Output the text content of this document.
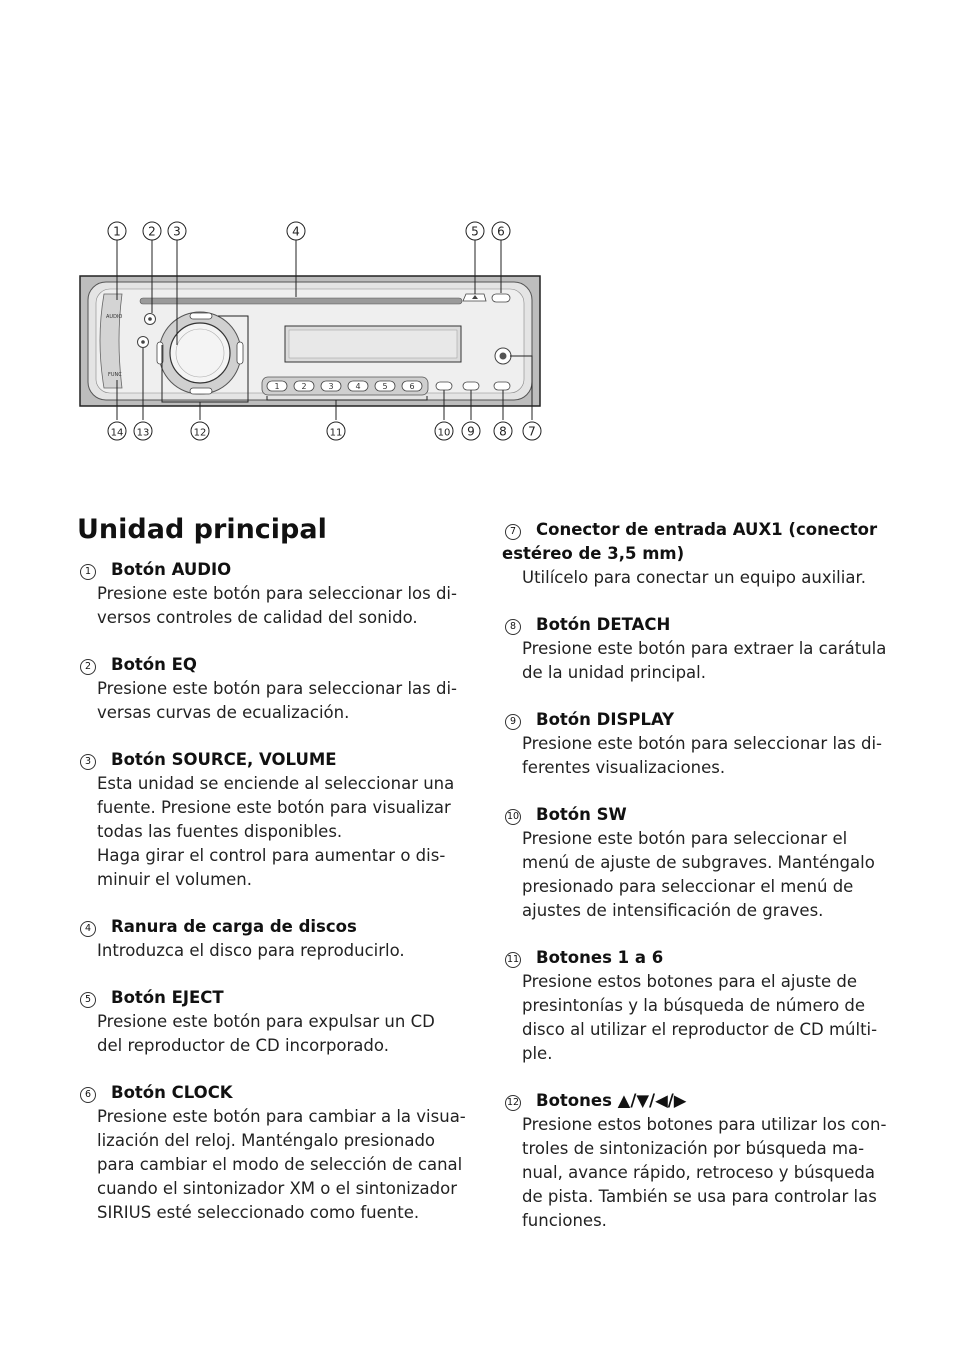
AUDIO
FUNC
1	2	3	4	5	6
1 2 3	4	5 6
14 13	12	11	10 9 8 7
Unidad principal
1 Botón AUDIO
Presione este botón para seleccionar los di-
versos controles de calidad del sonido.
2 Botón EQ
Presione este botón para seleccionar las di-
versas curvas de ecualización.
3 Botón SOURCE, VOLUME
Esta unidad se enciende al seleccionar una
fuente. Presione este botón para visualizar
todas las fuentes disponibles.
Haga girar el control para aumentar o dis-
minuir el volumen.
4 Ranura de carga de discos
Introduzca el disco para reproducirlo.
5 Botón EJECT
Presione este botón para expulsar un CD
del reproductor de CD incorporado.
6 Botón CLOCK
Presione este botón para cambiar a la visua-
lización del reloj. Manténgalo presionado
para cambiar el modo de selección de canal
cuando el sintonizador XM o el sintonizador
SIRIUS esté seleccionado como fuente.
7 Conector de entrada AUX1 (conector estéreo de 3,5 mm)
Utilícelo para conectar un equipo auxiliar.
8 Botón DETACH
Presione este botón para extraer la carátula
de la unidad principal.
9 Botón DISPLAY
Presione este botón para seleccionar las di-
ferentes visualizaciones.
10 Botón SW
Presione este botón para seleccionar el
menú de ajuste de subgraves. Manténgalo
presionado para seleccionar el menú de
ajustes de intensificación de graves.
11 Botones 1 a 6
Presione estos botones para el ajuste de
presintonías y la búsqueda de número de
disco al utilizar el reproductor de CD múlti-
ple.
12 Botones ▲/▼/◀/▶
Presione estos botones para utilizar los con-
troles de sintonización por búsqueda ma-
nual, avance rápido, retroceso y búsqueda
de pista. También se usa para controlar las
funciones.
